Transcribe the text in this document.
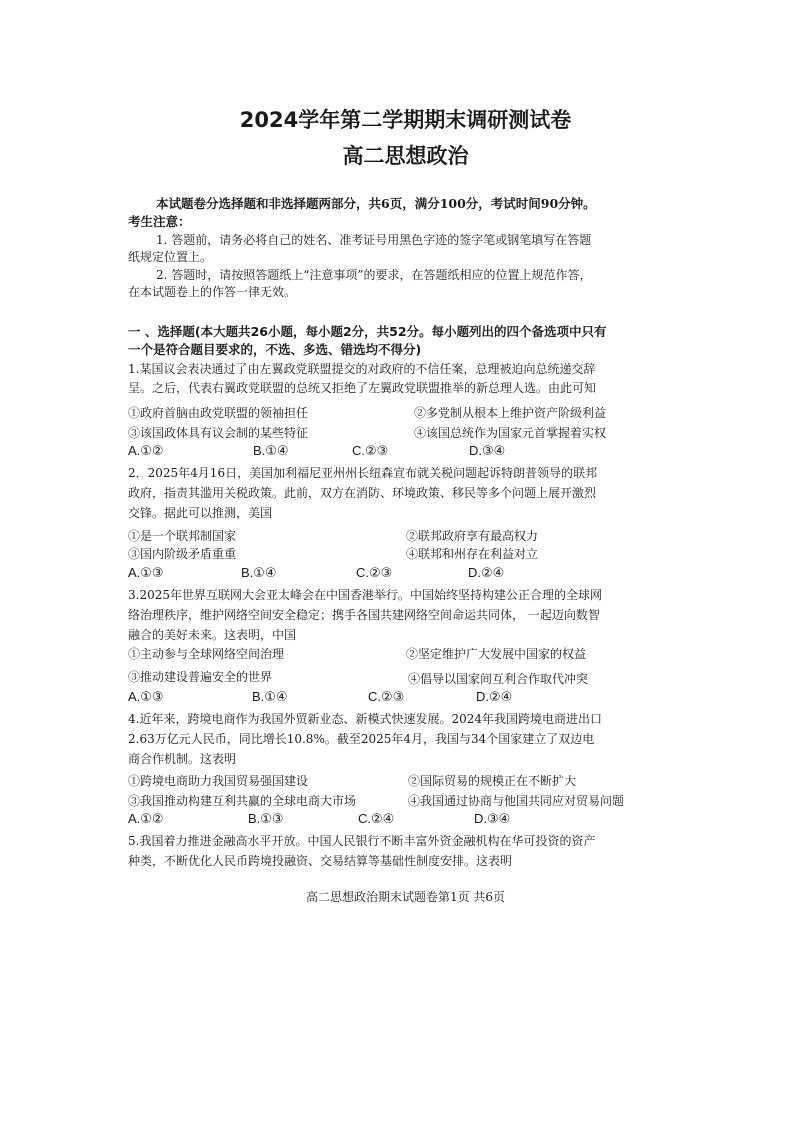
2024学年第二学期期末调研测试卷
高二思想政治
本试题卷分选择题和非选择题两部分，共6页，满分100分，考试时间90分钟。
考生注意：
1. 答题前，请务必将自己的姓名、准考证号用黑色字迹的签字笔或钢笔填写在答题
纸规定位置上。
2. 答题时，请按照答题纸上“注意事项”的要求，在答题纸相应的位置上规范作答，
在本试题卷上的作答一律无效。
一 、选择题(本大题共26小题，每小题2分，共52分。每小题列出的四个备选项中只有
一个是符合题目要求的，不选、多选、错选均不得分)
1.某国议会表决通过了由左翼政党联盟提交的对政府的不信任案，总理被迫向总统递交辞
呈。之后，代表右翼政党联盟的总统又拒绝了左翼政党联盟推举的新总理人选。由此可知
①政府首脑由政党联盟的领袖担任	②多党制从根本上维护资产阶级利益
③该国政体具有议会制的某些特征	④该国总统作为国家元首掌握着实权
A.①②	B.①④	C.②③	D.③④
2．2025年4月16日，美国加利福尼亚州州长纽森宣布就关税问题起诉特朗普领导的联邦
政府，指责其滥用关税政策。此前，双方在消防、环境政策、移民等多个问题上展开激烈
交锋。据此可以推测，美国
①是一个联邦制国家	②联邦政府享有最高权力
③国内阶级矛盾重重	④联邦和州存在利益对立
A.①③	B.①④	C.②③	D.②④
3.2025年世界互联网大会亚太峰会在中国香港举行。中国始终坚持构建公正合理的全球网
络治理秩序，维护网络空间安全稳定；携手各国共建网络空间命运共同体， 一起迈向数智
融合的美好未来。这表明，中国
①主动参与全球网络空间治理	②坚定维护广大发展中国家的权益
③推动建设普遍安全的世界	④倡导以国家间互利合作取代冲突
A.①③	B.①④	C.②③	D.②④
4.近年来，跨境电商作为我国外贸新业态、新模式快速发展。2024年我国跨境电商进出口
2.63万亿元人民币，同比增长10.8%。截至2025年4月，我国与34个国家建立了双边电
商合作机制。这表明
①跨境电商助力我国贸易强国建设	②国际贸易的规模正在不断扩大
③我国推动构建互利共赢的全球电商大市场	④我国通过协商与他国共同应对贸易问题
A.①②	B.①③	C.②④	D.③④
5.我国着力推进金融高水平开放。中国人民银行不断丰富外资金融机构在华可投资的资产
种类，不断优化人民币跨境投融资、交易结算等基础性制度安排。这表明
高二思想政治期末试题卷第1页 共6页
